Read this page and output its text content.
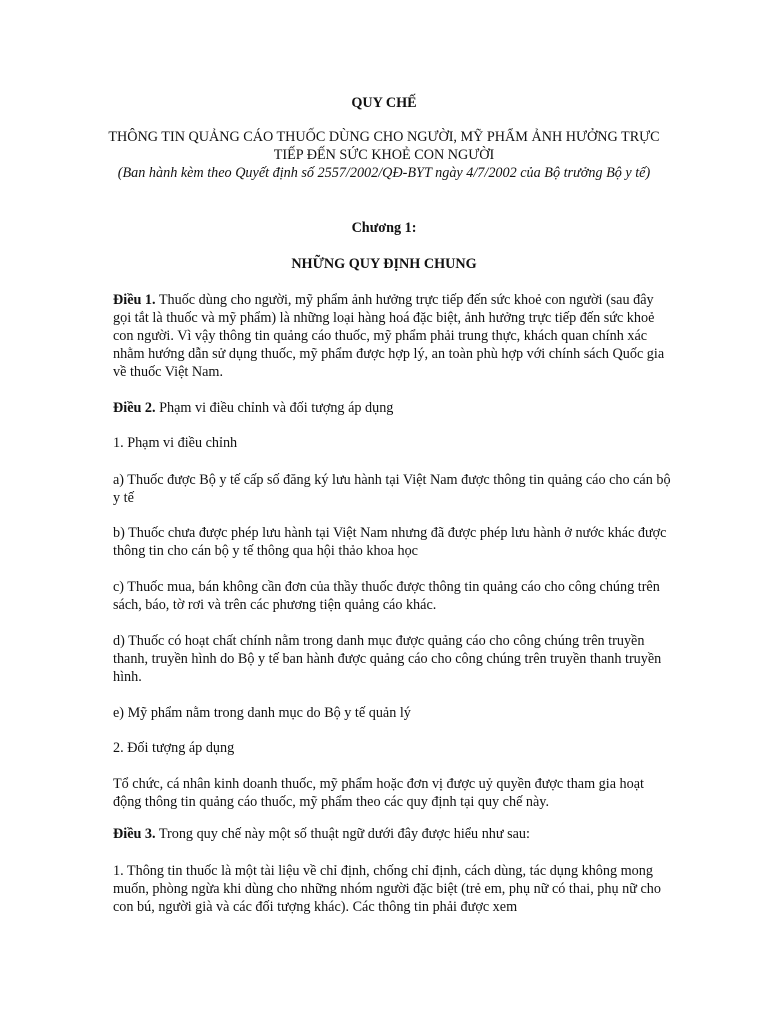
QUY CHẾ
THÔNG TIN QUẢNG CÁO THUỐC DÙNG CHO NGƯỜI, MỸ PHẨM ẢNH HƯỞNG TRỰC TIẾP ĐẾN SỨC KHOẺ CON NGƯỜI
(Ban hành kèm theo Quyết định số 2557/2002/QĐ-BYT ngày 4/7/2002 của Bộ trưởng Bộ y tế)
Chương 1:
NHỮNG QUY ĐỊNH CHUNG

Điều 1. Thuốc dùng cho người, mỹ phẩm ảnh hưởng trực tiếp đến sức khoẻ con người (sau đây gọi tắt là thuốc và mỹ phẩm) là những loại hàng hoá đặc biệt, ảnh hưởng trực tiếp đến sức khoẻ con người. Vì vậy thông tin quảng cáo thuốc, mỹ phẩm phải trung thực, khách quan chính xác nhằm hướng dẫn sử dụng thuốc, mỹ phẩm được hợp lý, an toàn phù hợp với chính sách Quốc gia về thuốc Việt Nam.

Điều 2. Phạm vi điều chỉnh và đối tượng áp dụng

1. Phạm vi điều chỉnh

a) Thuốc được Bộ y tế cấp số đăng ký lưu hành tại Việt Nam được thông tin quảng cáo cho cán bộ y tế

b) Thuốc chưa được phép lưu hành tại Việt Nam nhưng đã được phép lưu hành ở nước khác được thông tin cho cán bộ y tế thông qua hội thảo khoa học

c) Thuốc mua, bán không cần đơn của thầy thuốc được thông tin quảng cáo cho công chúng trên sách, báo, tờ rơi và trên các phương tiện quảng cáo khác.

d) Thuốc có hoạt chất chính nằm trong danh mục được quảng cáo cho công chúng trên truyền thanh, truyền hình do Bộ y tế ban hành được quảng cáo cho công chúng trên truyền thanh truyền hình.

e) Mỹ phẩm nằm trong danh mục do Bộ y tế quản lý

2. Đối tượng áp dụng

Tổ chức, cá nhân kinh doanh thuốc, mỹ phẩm hoặc đơn vị được uỷ quyền được tham gia hoạt động thông tin quảng cáo thuốc, mỹ phẩm theo các quy định tại quy chế này.

Điều 3. Trong quy chế này một số thuật ngữ dưới đây được hiểu như sau:

1. Thông tin thuốc là một tài liệu về chỉ định, chống chỉ định, cách dùng, tác dụng không mong muốn, phòng ngừa khi dùng cho những nhóm người đặc biệt (trẻ em, phụ nữ có thai, phụ nữ cho con bú, người già và các đối tượng khác). Các thông tin phải được xem
